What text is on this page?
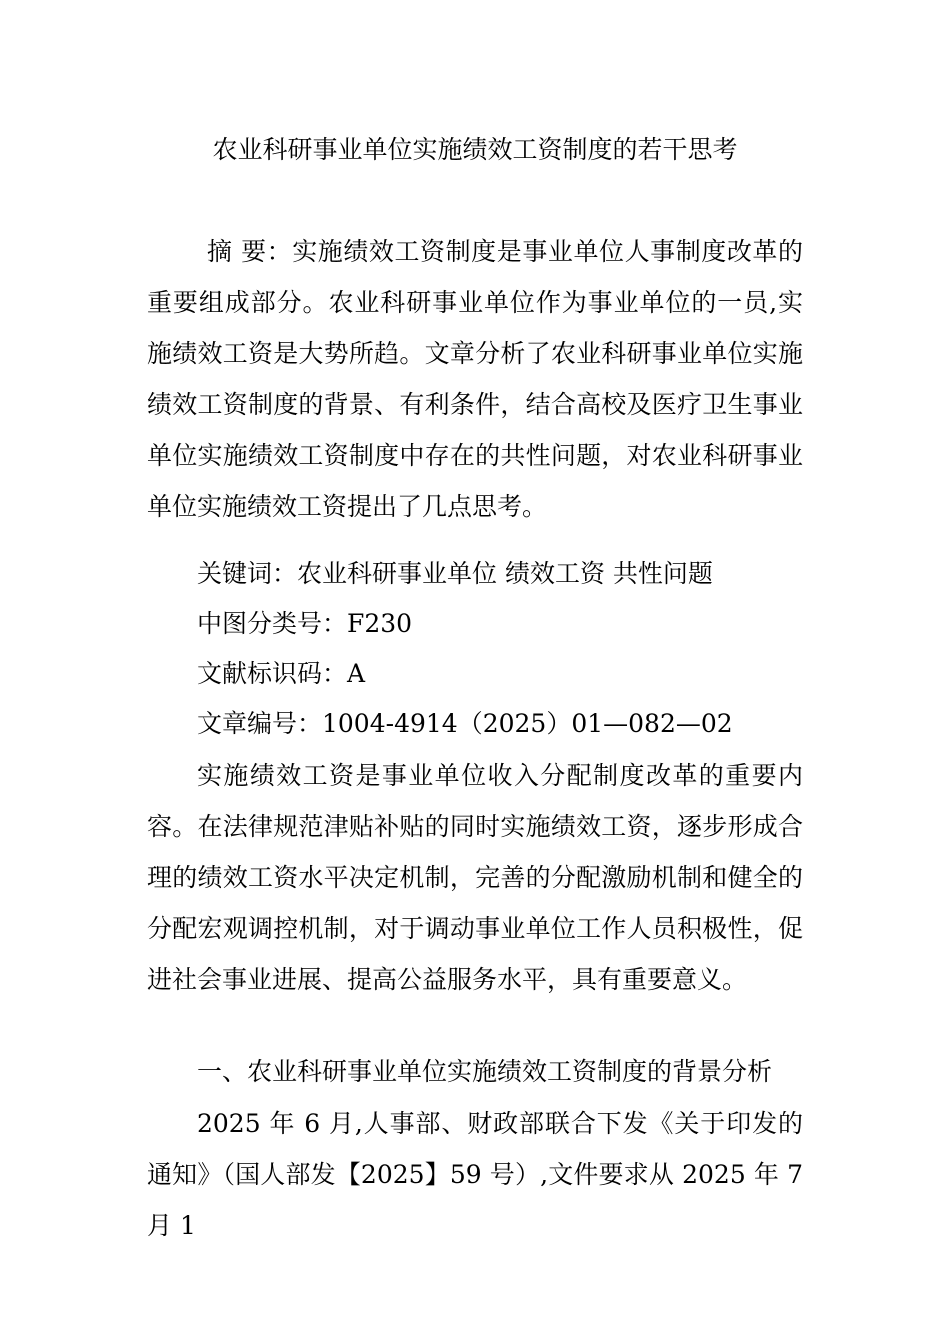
农业科研事业单位实施绩效工资制度的若干思考

摘 要：实施绩效工资制度是事业单位人事制度改革的重要组成部分。农业科研事业单位作为事业单位的一员,实施绩效工资是大势所趋。文章分析了农业科研事业单位实施绩效工资制度的背景、有利条件，结合高校及医疗卫生事业单位实施绩效工资制度中存在的共性问题，对农业科研事业单位实施绩效工资提出了几点思考。

关键词：农业科研事业单位 绩效工资 共性问题

中图分类号：F230

文献标识码：A

文章编号：1004-4914（2025）01—082—02

实施绩效工资是事业单位收入分配制度改革的重要内容。在法律规范津贴补贴的同时实施绩效工资，逐步形成合理的绩效工资水平决定机制，完善的分配激励机制和健全的分配宏观调控机制，对于调动事业单位工作人员积极性，促进社会事业进展、提高公益服务水平，具有重要意义。

一、农业科研事业单位实施绩效工资制度的背景分析

2025 年 6 月,人事部、财政部联合下发《关于印发的通知》（国人部发【2025】59 号）,文件要求从 2025 年 7 月 1
